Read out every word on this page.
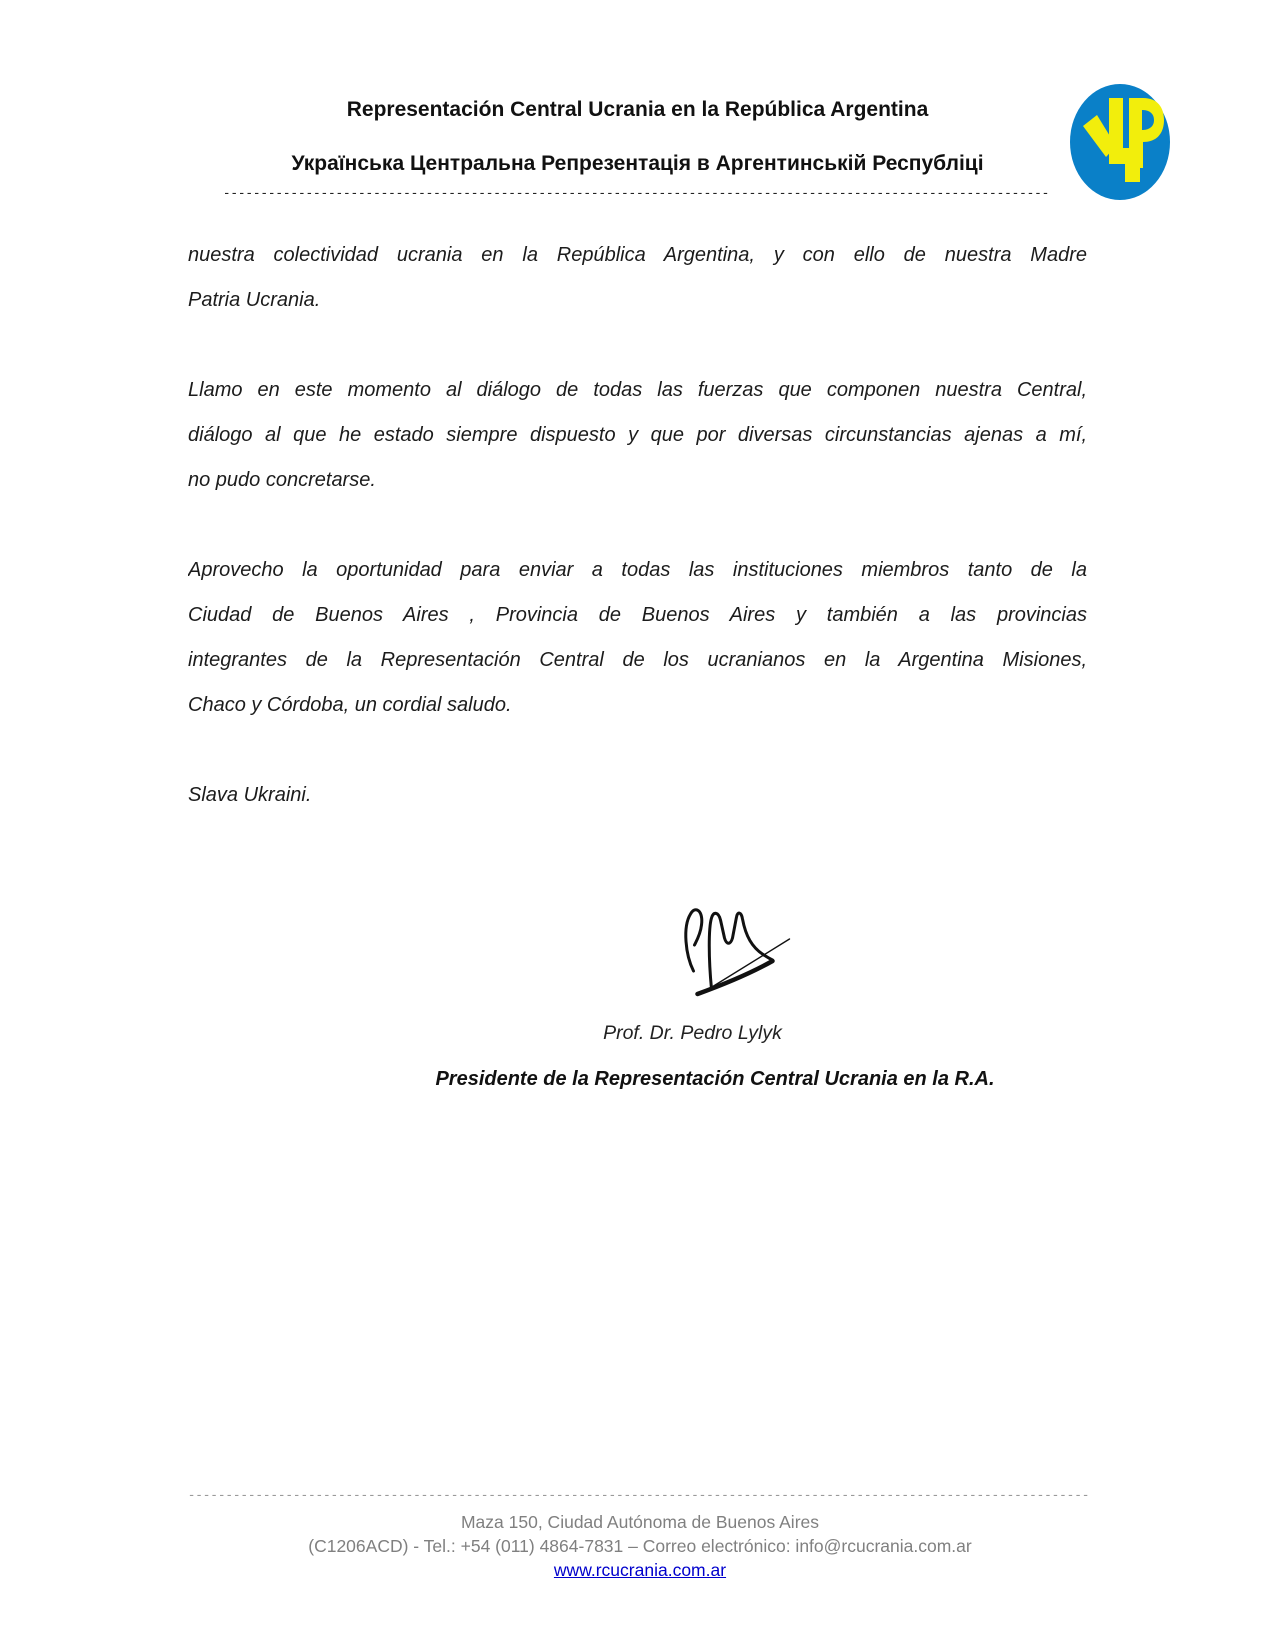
Representación Central Ucrania en la República Argentina
Українська Центральна Репрезентація в Аргентинській Республіці
--------------------------------------------------------------------------------------------------------------
nuestra colectividad ucrania en la República Argentina, y con ello de nuestra Madre
Patria Ucrania.
Llamo en este momento al diálogo de todas las fuerzas que componen nuestra Central,
diálogo al que he estado siempre dispuesto y que por diversas circunstancias ajenas a mí,
no pudo concretarse.
Aprovecho la oportunidad para enviar a todas las instituciones miembros tanto de la
Ciudad de Buenos Aires , Provincia de Buenos Aires y también a las provincias
integrantes de la Representación Central de los ucranianos en la Argentina Misiones,
Chaco y Córdoba, un cordial saludo.
Slava Ukraini.
Prof. Dr. Pedro Lylyk
Presidente de la Representación Central Ucrania en la R.A.
------------------------------------------------------------------------------------------------------------------------
Maza 150, Ciudad Autónoma de Buenos Aires
(C1206ACD) - Tel.: +54 (011) 4864-7831 – Correo electrónico: info@rcucrania.com.ar
www.rcucrania.com.ar
